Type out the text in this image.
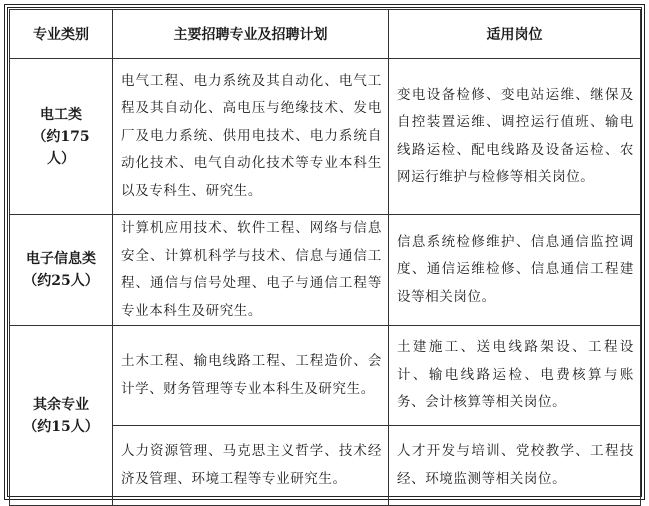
专业类别	主要招聘专业及招聘计划	适用岗位

电工类
（约175
人）	电气工程、电力系统及其自动化、电气工程及其自动化、高电压与绝缘技术、发电厂及电力系统、供用电技术、电力系统自动化技术、电气自动化技术等专业本科生以及专科生、研究生。	变电设备检修、变电站运维、继保及自控装置运维、调控运行值班、输电线路运检、配电线路及设备运检、农网运行维护与检修等相关岗位。

电子信息类
（约25人）	计算机应用技术、软件工程、网络与信息安全、计算机科学与技术、信息与通信工程、通信与信号处理、电子与通信工程等专业本科生及研究生。	信息系统检修维护、信息通信监控调度、通信运维检修、信息通信工程建设等相关岗位。

其余专业
（约15人）	土木工程、输电线路工程、工程造价、会计学、财务管理等专业本科生及研究生。	土建施工、送电线路架设、工程设计、输电线路运检、电费核算与账务、会计核算等相关岗位。
	人力资源管理、马克思主义哲学、技术经济及管理、环境工程等专业研究生。	人才开发与培训、党校教学、工程技经、环境监测等相关岗位。
